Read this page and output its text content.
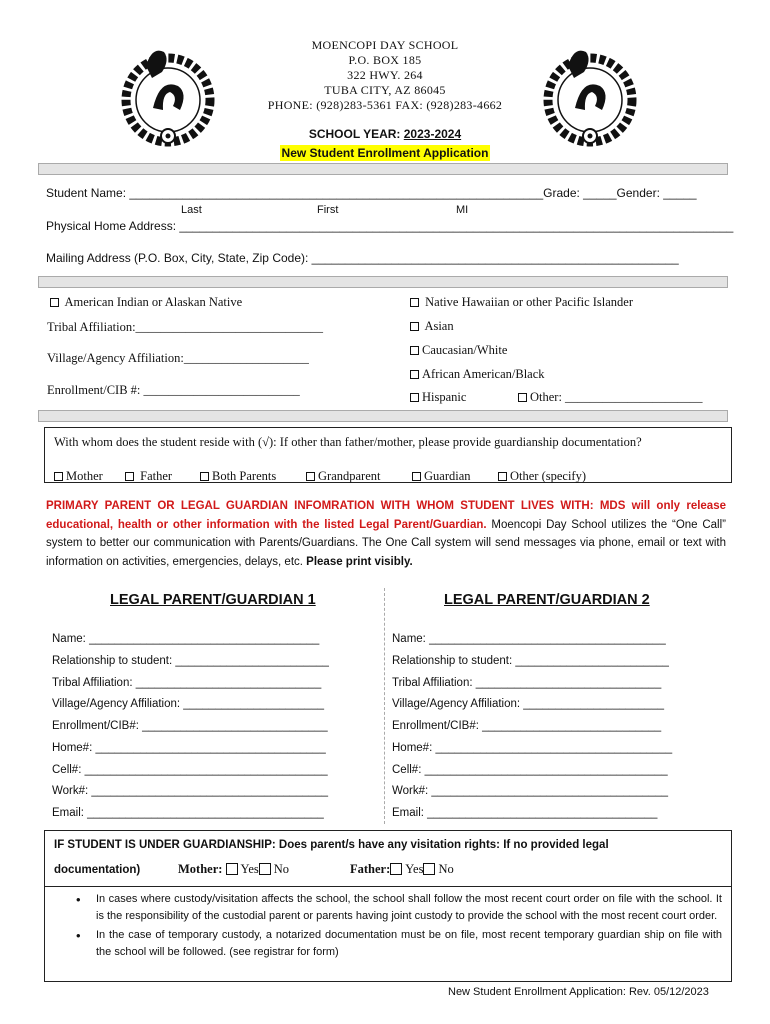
MOENCOPI DAY SCHOOL
P.O. BOX 185
322 HWY. 264
TUBA CITY, AZ 86045
PHONE: (928)283-5361 FAX: (928)283-4662
SCHOOL YEAR: 2023-2024
New Student Enrollment Application
Student Name: ______________________________________________________________Grade: _____Gender: _____
Last	First	MI
Physical Home Address: ___________________________________________________________________________________
Mailing Address (P.O. Box, City, State, Zip Code): _______________________________________________________
American Indian or Alaskan Native
Tribal Affiliation:______________________________
Village/Agency Affiliation:____________________
Enrollment/CIB #: _________________________
Native Hawaiian or other Pacific Islander
Asian
Caucasian/White
African American/Black
Hispanic	Other: ______________________
With whom does the student reside with (√): If other than father/mother, please provide guardianship documentation?
Mother	Father	Both Parents	Grandparent	Guardian	Other (specify)
PRIMARY PARENT OR LEGAL GUARDIAN INFOMRATION WITH WHOM STUDENT LIVES WITH: MDS will only release educational, health or other information with the listed Legal Parent/Guardian. Moencopi Day School utilizes the “One Call” system to better our communication with Parents/Guardians. The One Call system will send messages via phone, email or text with information on activities, emergencies, delays, etc. Please print visibly.
LEGAL PARENT/GUARDIAN 1	LEGAL PARENT/GUARDIAN 2
Name: ____________________________________
Relationship to student: ________________________
Tribal Affiliation: _____________________________
Village/Agency Affiliation: ______________________
Enrollment/CIB#: _____________________________
Home#: ____________________________________
Cell#: ______________________________________
Work#: _____________________________________
Email: _____________________________________
Name: _____________________________________
Relationship to student: ________________________
Tribal Affiliation: _____________________________
Village/Agency Affiliation: ______________________
Enrollment/CIB#: ____________________________
Home#: _____________________________________
Cell#: ______________________________________
Work#: _____________________________________
Email: ____________________________________
IF STUDENT IS UNDER GUARDIANSHIP: Does parent/s have any visitation rights: If no provided legal
documentation)	Mother: Yes No	Father: Yes No
• In cases where custody/visitation affects the school, the school shall follow the most recent court order on file with the school. It is the responsibility of the custodial parent or parents having joint custody to provide the school with the most recent court order.
• In the case of temporary custody, a notarized documentation must be on file, most recent temporary guardian ship on file with the school will be followed. (see registrar for form)
New Student Enrollment Application: Rev. 05/12/2023
